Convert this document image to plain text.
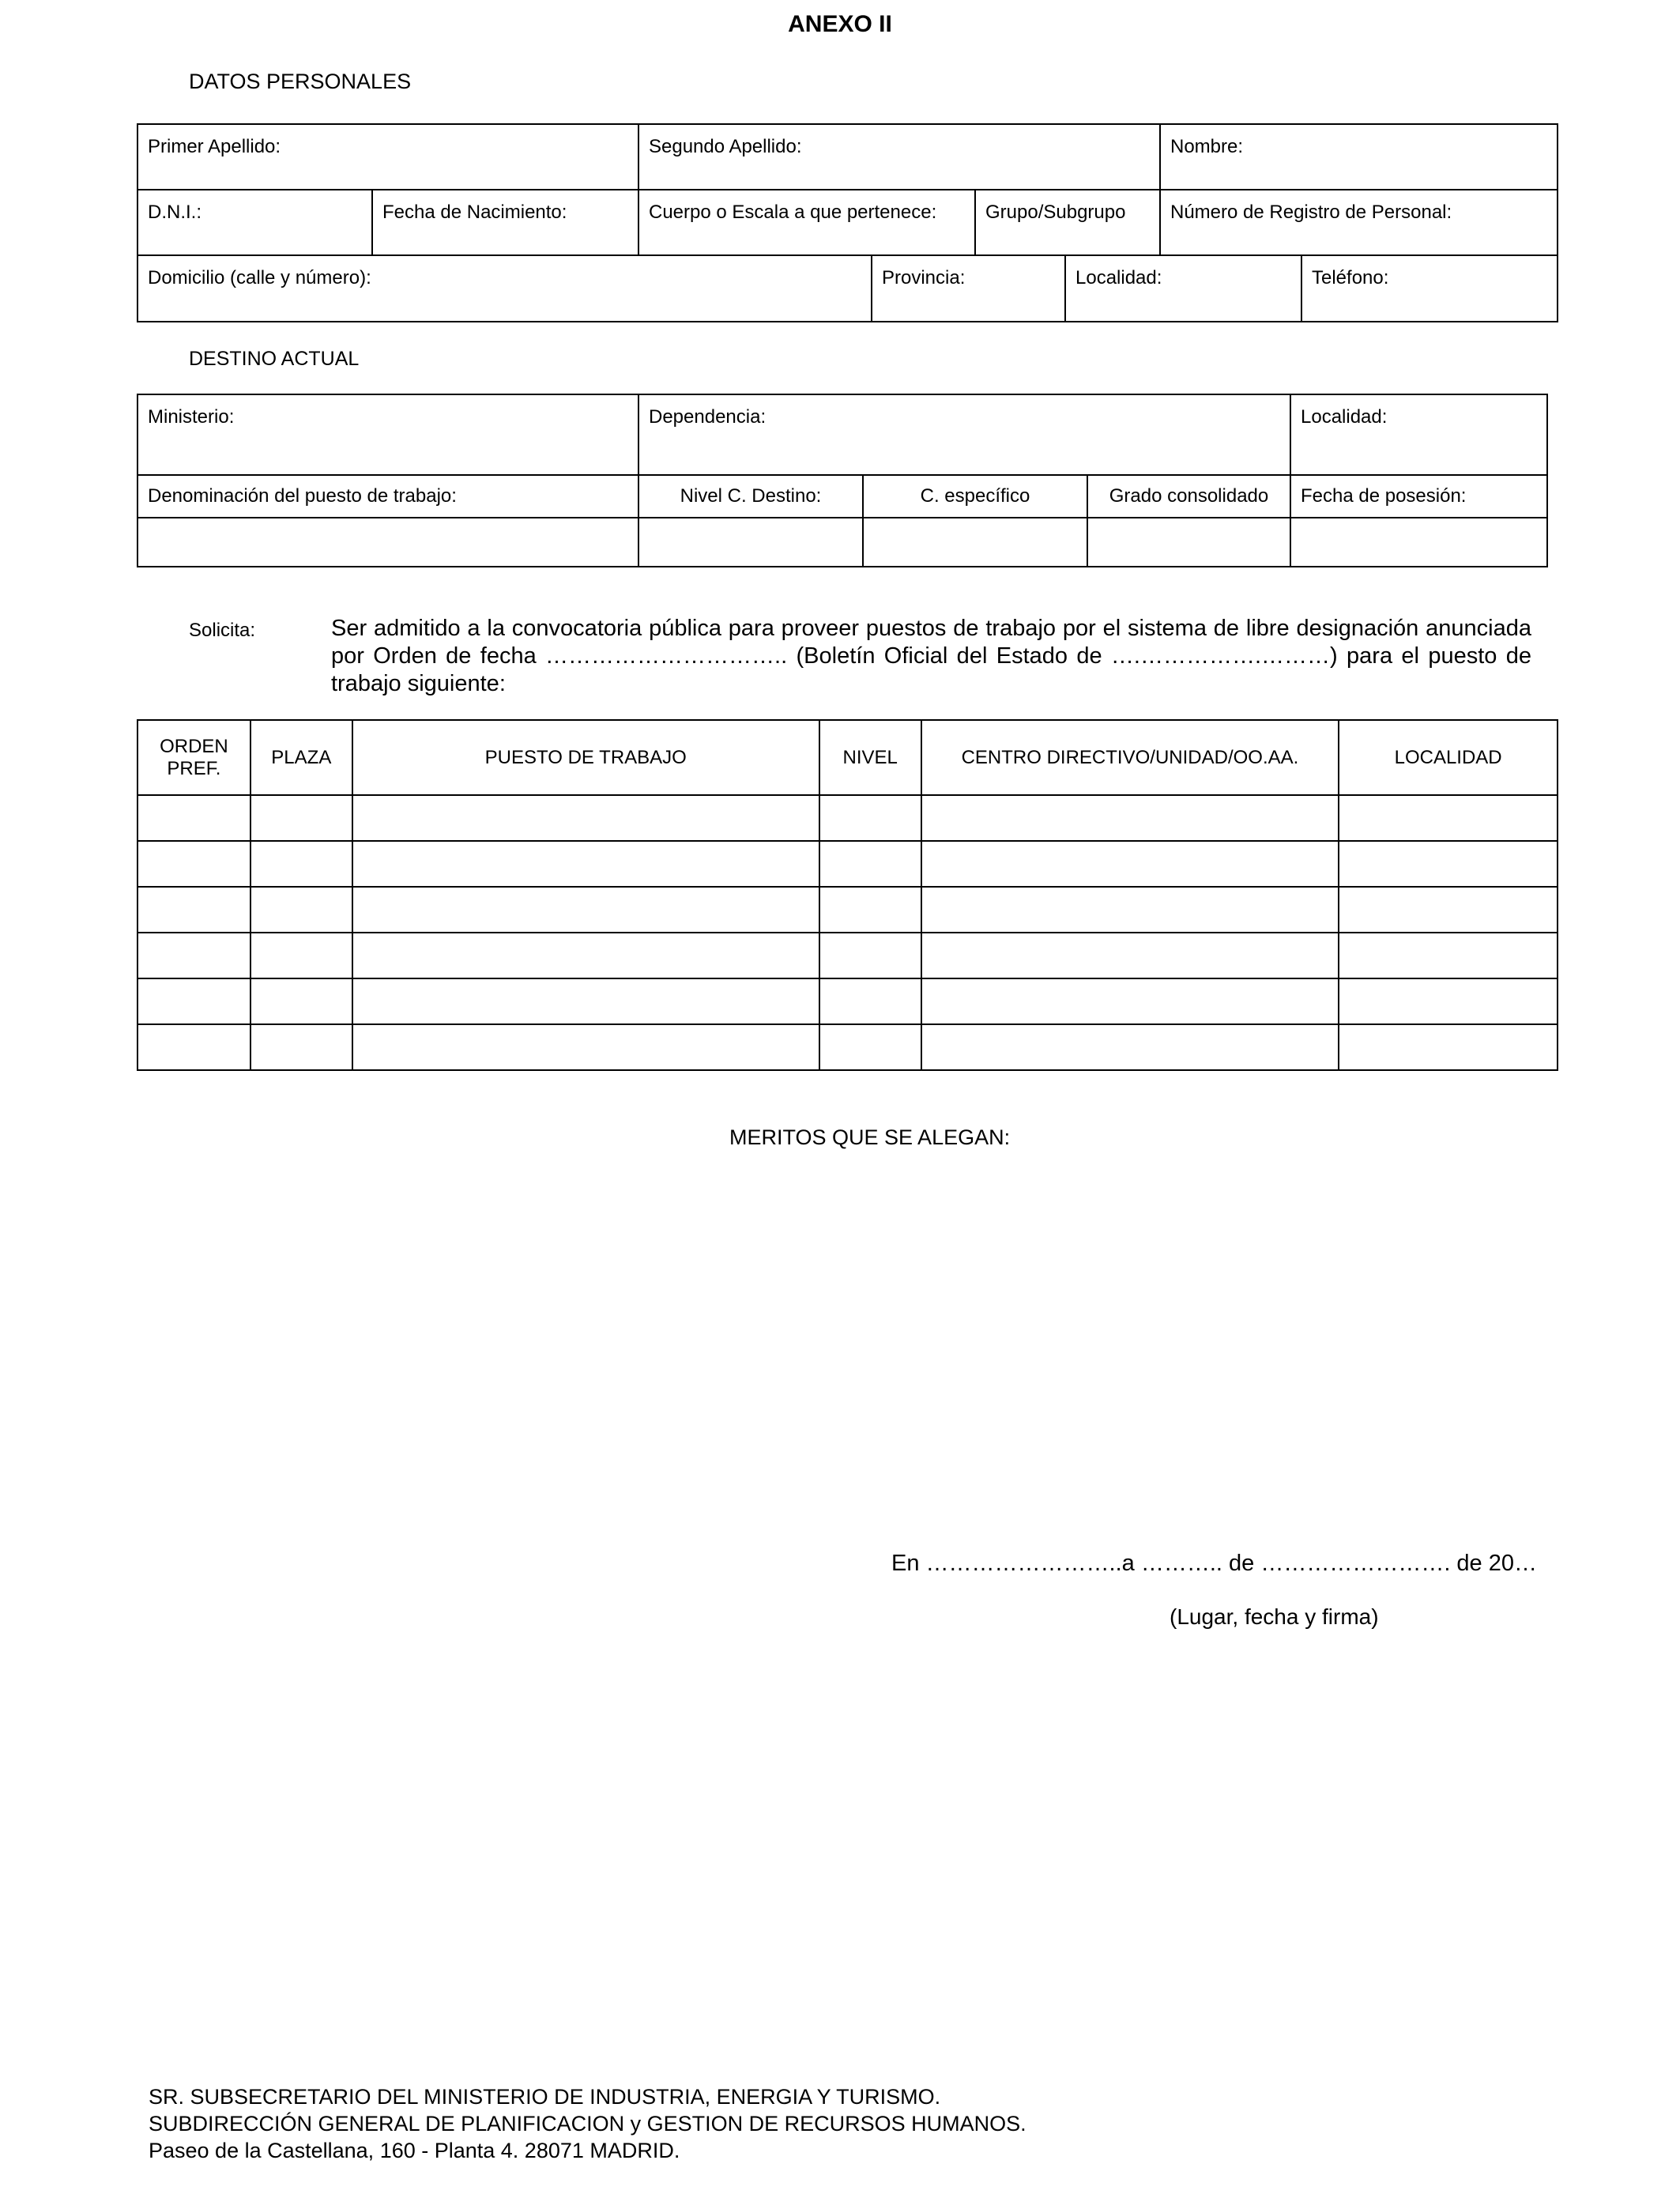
ANEXO II
DATOS PERSONALES
Primer Apellido:	Segundo Apellido:	Nombre:
D.N.I.:	Fecha de Nacimiento:	Cuerpo o Escala a que pertenece:	Grupo/Subgrupo	Número de Registro de Personal:
Domicilio (calle y número):	Provincia:	Localidad:	Teléfono:
DESTINO ACTUAL
Ministerio:	Dependencia:	Localidad:
Denominación del puesto de trabajo:	Nivel C. Destino:	C. específico	Grado consolidado	Fecha de posesión:
Solicita:	Ser admitido a la convocatoria pública para proveer puestos de trabajo por el sistema de libre designación anunciada por Orden de fecha ………………………….. (Boletín Oficial del Estado de ….…………….………) para el puesto de trabajo siguiente:
ORDEN PREF.	PLAZA	PUESTO DE TRABAJO	NIVEL	CENTRO DIRECTIVO/UNIDAD/OO.AA.	LOCALIDAD

MERITOS QUE SE ALEGAN:
En ……………………..a ……….. de ……………………. de 20…
(Lugar, fecha y firma)
SR. SUBSECRETARIO DEL MINISTERIO DE INDUSTRIA, ENERGIA Y TURISMO.
SUBDIRECCIÓN GENERAL DE PLANIFICACION y GESTION DE RECURSOS HUMANOS.
Paseo de la Castellana, 160 - Planta 4. 28071 MADRID.
